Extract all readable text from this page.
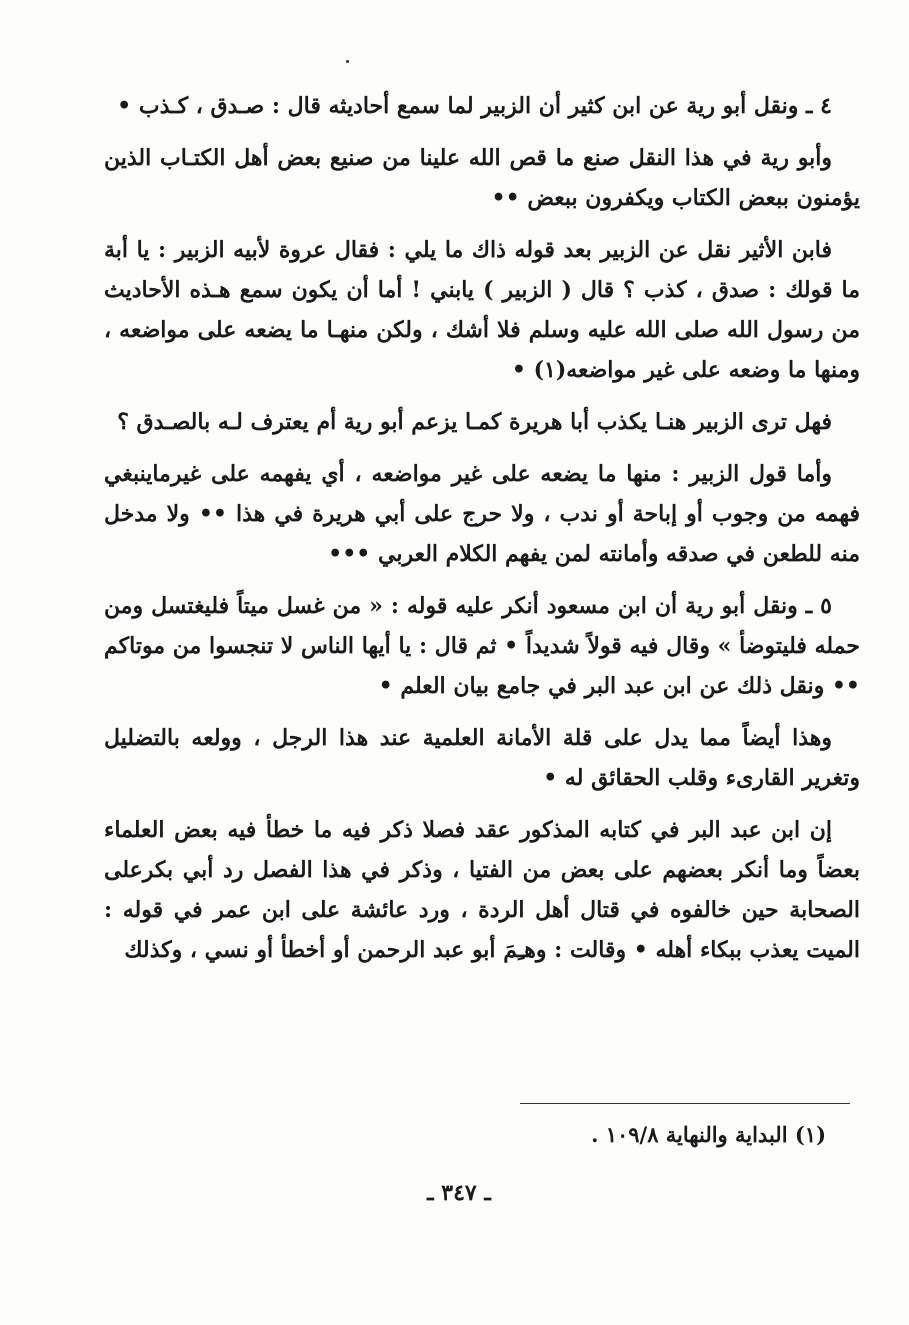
٤ ـ ونقل أبو رية عن ابن كثير أن الزبير لما سمع أحاديثه قال : صـدق ، كـذب •

وأبو رية في هذا النقل صنع ما قص الله علينا من صنيع بعض أهل الكتـاب الذين يؤمنون ببعض الكتاب ويكفرون ببعض ••

فابن الأثير نقل عن الزبير بعد قوله ذاك ما يلي : فقال عروة لأبيه الزبير : يا أبة ما قولك : صدق ، كذب ؟ قال ( الزبير ) يابني ! أما أن يكون سمع هـذه الأحاديث من رسول الله صلى الله عليه وسلم فلا أشك ، ولكن منهـا ما يضعه على مواضعه ، ومنها ما وضعه على غير مواضعه(١) •

فهل ترى الزبير هنـا يكذب أبا هريرة كمـا يزعم أبو رية أم يعترف لـه بالصـدق ؟

وأما قول الزبير : منها ما يضعه على غير مواضعه ، أي يفهمه على غيرماينبغي فهمه من وجوب أو إباحة أو ندب ، ولا حرج على أبي هريرة في هذا •• ولا مدخل منه للطعن في صدقه وأمانته لمن يفهم الكلام العربي •••

٥ ـ ونقل أبو رية أن ابن مسعود أنكر عليه قوله : « من غسل ميتاً فليغتسل ومن حمله فليتوضأ » وقال فيه قولاً شديداً • ثم قال : يا أيها الناس لا تنجسوا من موتاكم •• ونقل ذلك عن ابن عبد البر في جامع بيان العلم •

وهذا أيضاً مما يدل على قلة الأمانة العلمية عند هذا الرجل ، وولعه بالتضليل وتغرير القارىء وقلب الحقائق له •

إن ابن عبد البر في كتابه المذكور عقد فصلا ذكر فيه ما خطأ فيه بعض العلماء بعضاً وما أنكر بعضهم على بعض من الفتيا ، وذكر في هذا الفصل رد أبي بكرعلى الصحابة حين خالفوه في قتال أهل الردة ، ورد عائشة على ابن عمر في قوله : الميت يعذب ببكاء أهله • وقالت : وهـِمَ أبو عبد الرحمن أو أخطأ أو نسي ، وكذلك

(١) البداية والنهاية ١٠٩/٨ .
ـ ٣٤٧ ـ
